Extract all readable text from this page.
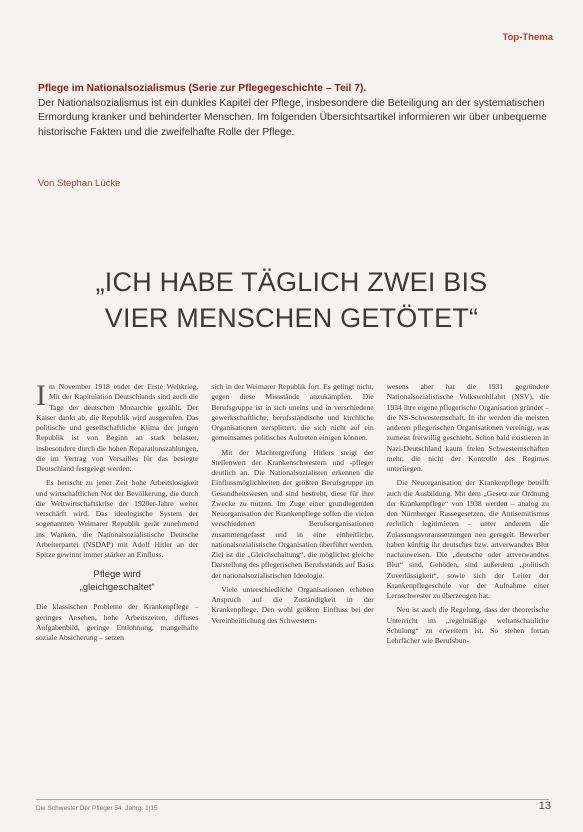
Top-Thema
Pflege im Nationalsozialismus (Serie zur Pflegegeschichte – Teil 7).
Der Nationalsozialismus ist ein dunkles Kapitel der Pflege, insbesondere die Beteiligung an der systematischen Ermordung kranker und behinderter Menschen. Im folgenden Übersichtsartikel informieren wir über unbequeme historische Fakten und die zweifelhafte Rolle der Pflege.
Von Stephan Lücke
„ICH HABE TÄGLICH ZWEI BIS
VIER MENSCHEN GETÖTET“

Im November 1918 endet der Erste Weltkrieg. Mit der Kapitulation Deutschlands sind auch die Tage der deutschen Monarchie gezählt. Der Kaiser dankt ab, die Republik wird ausgerufen. Das politische und gesellschaftliche Klima der jungen Republik ist von Beginn an stark belastet, insbesondere durch die hohen Reparationszahlungen, die im Vertrag von Versailles für das besiegte Deutschland festgelegt werden.

Es herrscht zu jener Zeit hohe Arbeitslosigkeit und wirtschaftlichen Not der Bevölkerung, die durch die Weltwirtschaftskrise der 1920er-Jahre weiter verschärft wird. Das ideologische System der sogenannten Weimarer Republik gerät zunehmend ins Wanken, die Nationalsozialistische Deutsche Arbeiterpartei (NSDAP) mit Adolf Hitler an der Spitze gewinnt immer stärker an Einfluss.

Pflege wird
„gleichgeschaltet“

Die klassischen Probleme der Krankenpflege – geringes Ansehen, hohe Arbeitszeiten, diffuses Aufgabenbild, geringe Entlohnung, mangelhafte soziale Absicherung – setzen

sich in der Weimarer Republik fort. Es gelingt nicht, gegen diese Missstände anzukämpfen. Die Berufsgruppe ist in sich uneins und in verschiedene gewerkschaftliche, berufsständische und kirchliche Organisationen zersplittert, die sich nicht auf ein gemeinsames politisches Auftreten einigen können.

Mit der Machtergreifung Hitlers steigt der Stellenwert der Krankenschwestern und -pfleger deutlich an. Die Nationalsozialisten erkennen die Einflussmöglichkeiten der größten Berufsgruppe im Gesundheitswesen und sind bestrebt, diese für ihre Zwecke zu nutzen. Im Zuge einer grundlegenden Neuorganisation der Krankenpflege sollen die vielen verschiedenen Berufsorganisationen zusammengefasst und in eine einheitliche, nationalsozialistische Organisation überführt werden. Ziel ist die „Gleichschaltung“, die möglichst gleiche Darstellung des pflegerischen Berufsstands auf Basis der nationalsozialistischen Ideologie.

Viele unterschiedliche Organisationen erheben Anspruch auf die Zuständigkeit in der Krankenpflege. Den wohl größten Einfluss bei der Vereinheitlichung des Schwestern-

wesens aber hat die 1931 gegründete Nationalsozialistische Volkswohlfahrt (NSV), die 1934 ihre eigene pflegerische Organisation gründet – die NS-Schwesternschaft. In ihr werden die meisten anderen pflegerischen Organisationen vereinigt, was zumeist freiwillig geschieht. Schon bald existieren in Nazi-Deutschland kaum freien Schwesternschaften mehr, die nicht der Kontrolle des Regimes unterliegen.

Die Neuorganisation der Krankenpflege betrifft auch die Ausbildung. Mit dem „Gesetz zur Ordnung der Krankenpflege“ von 1938 werden – analog zu den Nürnberger Rassegesetzen, die Antisemitismus rechtlich legitimieren – unter anderem die Zulassungsvoraussetzungen neu geregelt. Bewerber haben künftig ihr deutsches bzw. artverwandtes Blut nachzuweisen. Die „deutsche oder artverwandtes Blut“ sind, Gehöden, sind außerdem „politisch Zuverlässigkeit“, sowie sich der Leiter der Krankenpflegeschule vor der Aufnahme einer Lernschwester zu überzeugen hat.

Neu ist auch die Regelung, dass der theoretische Unterricht im „regelmäßige weltanschauliche Schulung“ zu erweitern ist. So stehen fortan Lehrfächer wie Berufsbun-

Die Schwester Der Pfleger 54. Jahrg. 1|15	13
